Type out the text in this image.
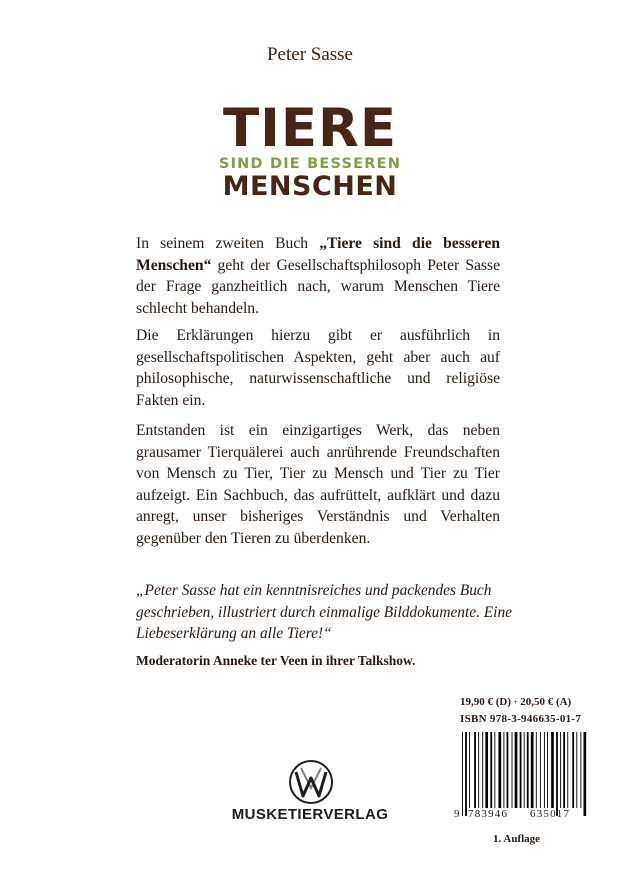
Peter Sasse
TIERE
SIND DIE BESSEREN
MENSCHEN
In seinem zweiten Buch „Tiere sind die besseren Menschen“ geht der Gesellschaftsphilosoph Peter Sasse der Frage ganzheitlich nach, warum Menschen Tiere schlecht behandeln.
Die Erklärungen hierzu gibt er ausführlich in gesellschaftspolitischen Aspekten, geht aber auch auf philosophische, naturwissenschaftliche und religiöse Fakten ein.
Entstanden ist ein einzigartiges Werk, das neben grausamer Tierquälerei auch anrührende Freundschaften von Mensch zu Tier, Tier zu Mensch und Tier zu Tier aufzeigt. Ein Sachbuch, das aufrüttelt, aufklärt und dazu anregt, unser bisheriges Verständnis und Verhalten gegenüber den Tieren zu überdenken.
„Peter Sasse hat ein kenntnisreiches und packendes Buch geschrieben, illustriert durch einmalige Bilddokumente. Eine Liebeserklärung an alle Tiere!“
Moderatorin Anneke ter Veen in ihrer Talkshow.
19,90 € (D) · 20,50 € (A)
ISBN 978-3-946635-01-7
9 783946 635017
1. Auflage
MUSKETIERVERLAG
